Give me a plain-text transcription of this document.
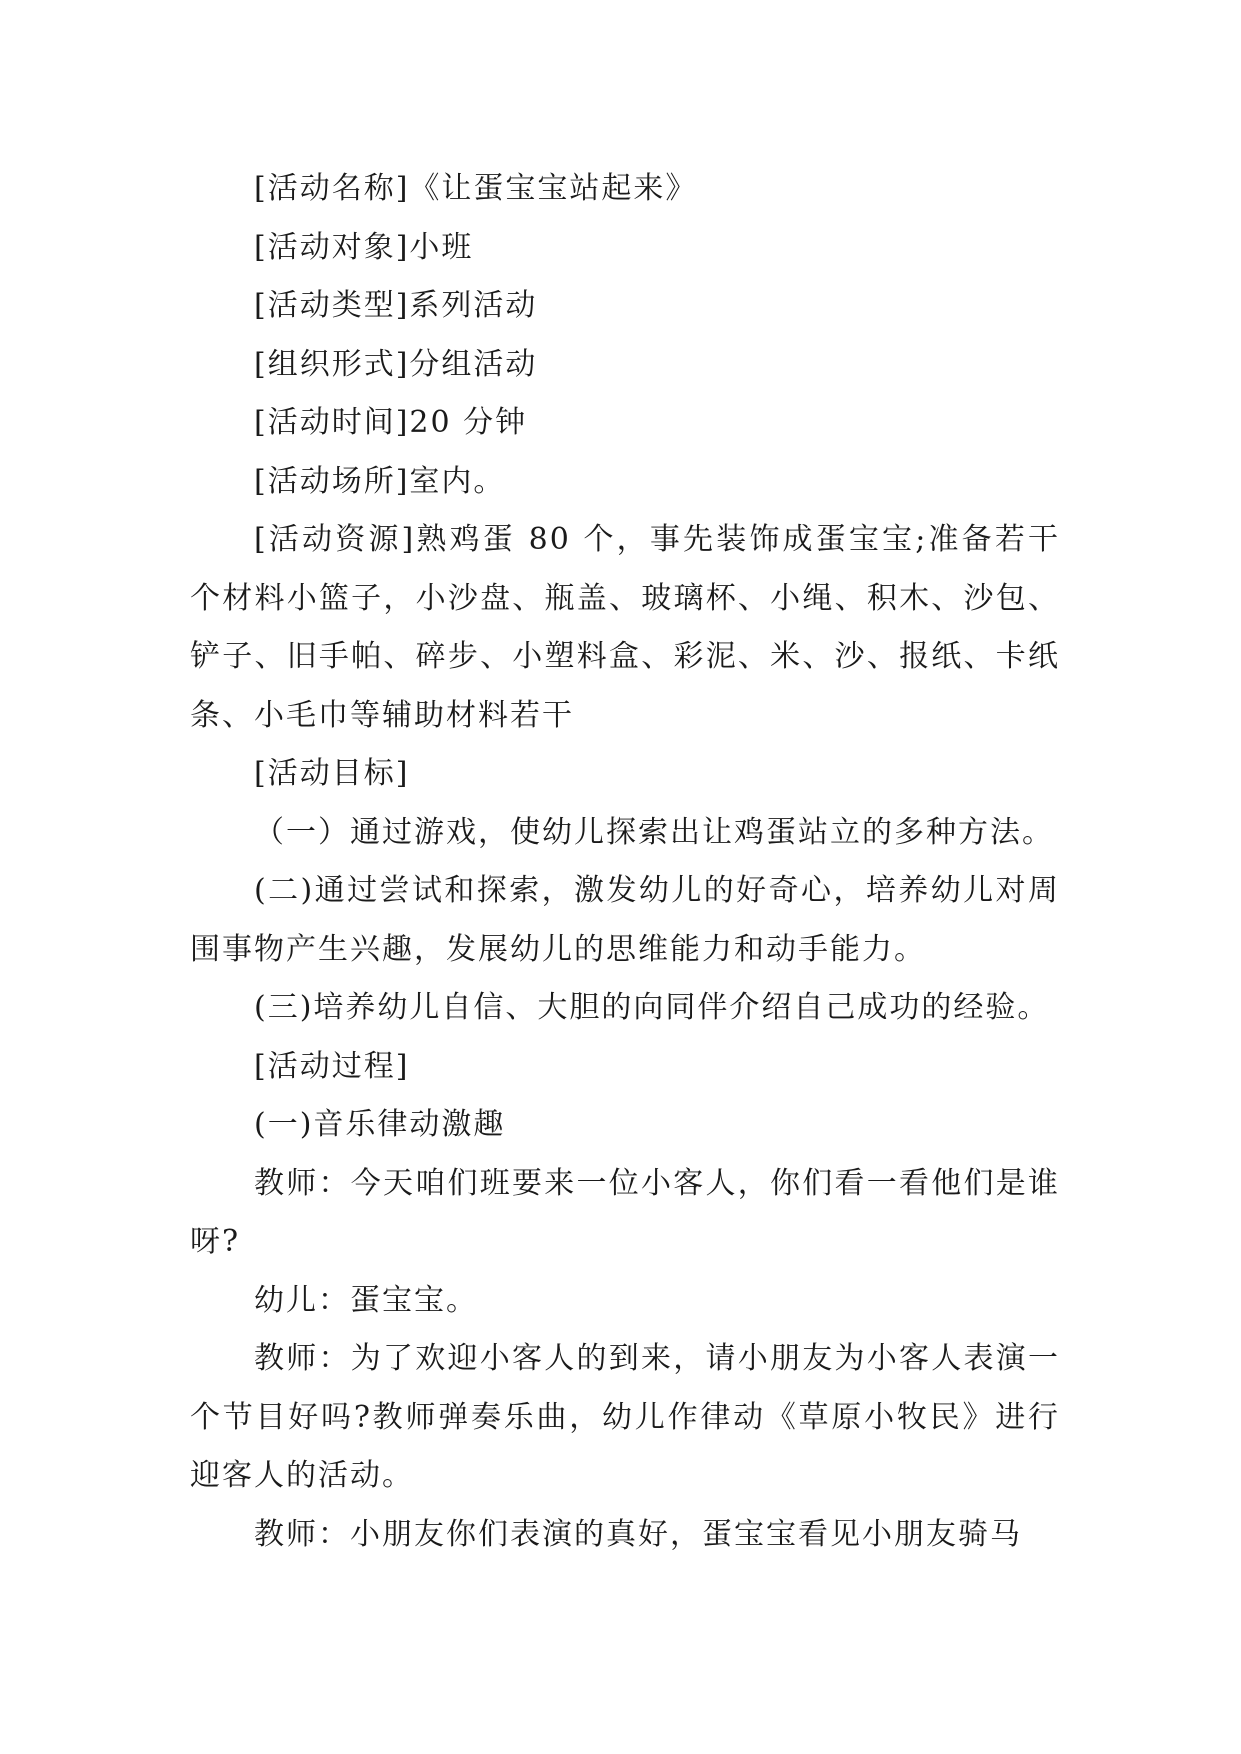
[活动名称]《让蛋宝宝站起来》

[活动对象]小班

[活动类型]系列活动

[组织形式]分组活动

[活动时间]20 分钟

[活动场所]室内。

[活动资源]熟鸡蛋 80 个，事先装饰成蛋宝宝;准备若干个材料小篮子，小沙盘、瓶盖、玻璃杯、小绳、积木、沙包、铲子、旧手帕、碎步、小塑料盒、彩泥、米、沙、报纸、卡纸条、小毛巾等辅助材料若干

[活动目标]

（一）通过游戏，使幼儿探索出让鸡蛋站立的多种方法。

(二)通过尝试和探索，激发幼儿的好奇心，培养幼儿对周围事物产生兴趣，发展幼儿的思维能力和动手能力。

(三)培养幼儿自信、大胆的向同伴介绍自己成功的经验。

[活动过程]

(一)音乐律动激趣

教师：今天咱们班要来一位小客人，你们看一看他们是谁呀?

幼儿：蛋宝宝。

教师：为了欢迎小客人的到来，请小朋友为小客人表演一个节目好吗?教师弹奏乐曲，幼儿作律动《草原小牧民》进行迎客人的活动。

教师：小朋友你们表演的真好，蛋宝宝看见小朋友骑马
